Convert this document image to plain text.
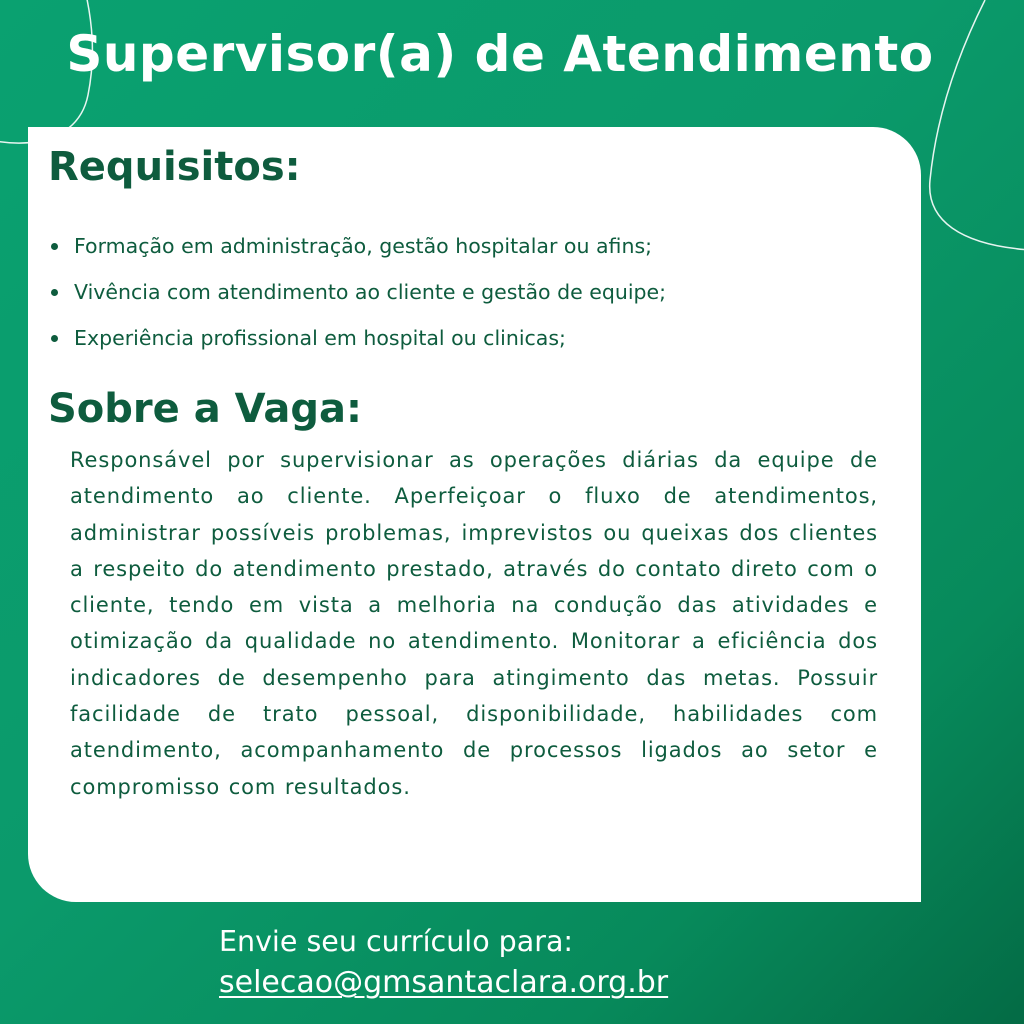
Supervisor(a) de Atendimento
Requisitos:
Formação em administração, gestão hospitalar ou afins;
Vivência com atendimento ao cliente e gestão de equipe;
Experiência profissional em hospital ou clinicas;
Sobre a Vaga:

Responsável por supervisionar as operações diárias da equipe de atendimento ao cliente. Aperfeiçoar o fluxo de atendimentos, administrar possíveis problemas, imprevistos ou queixas dos clientes a respeito do atendimento prestado, através do contato direto com o cliente, tendo em vista a melhoria na condução das atividades e otimização da qualidade no atendimento. Monitorar a eficiência dos indicadores de desempenho para atingimento das metas. Possuir facilidade de trato pessoal, disponibilidade, habilidades com atendimento, acompanhamento de processos ligados ao setor e compromisso com resultados.

Envie seu currículo para:
selecao@gmsantaclara.org.br
